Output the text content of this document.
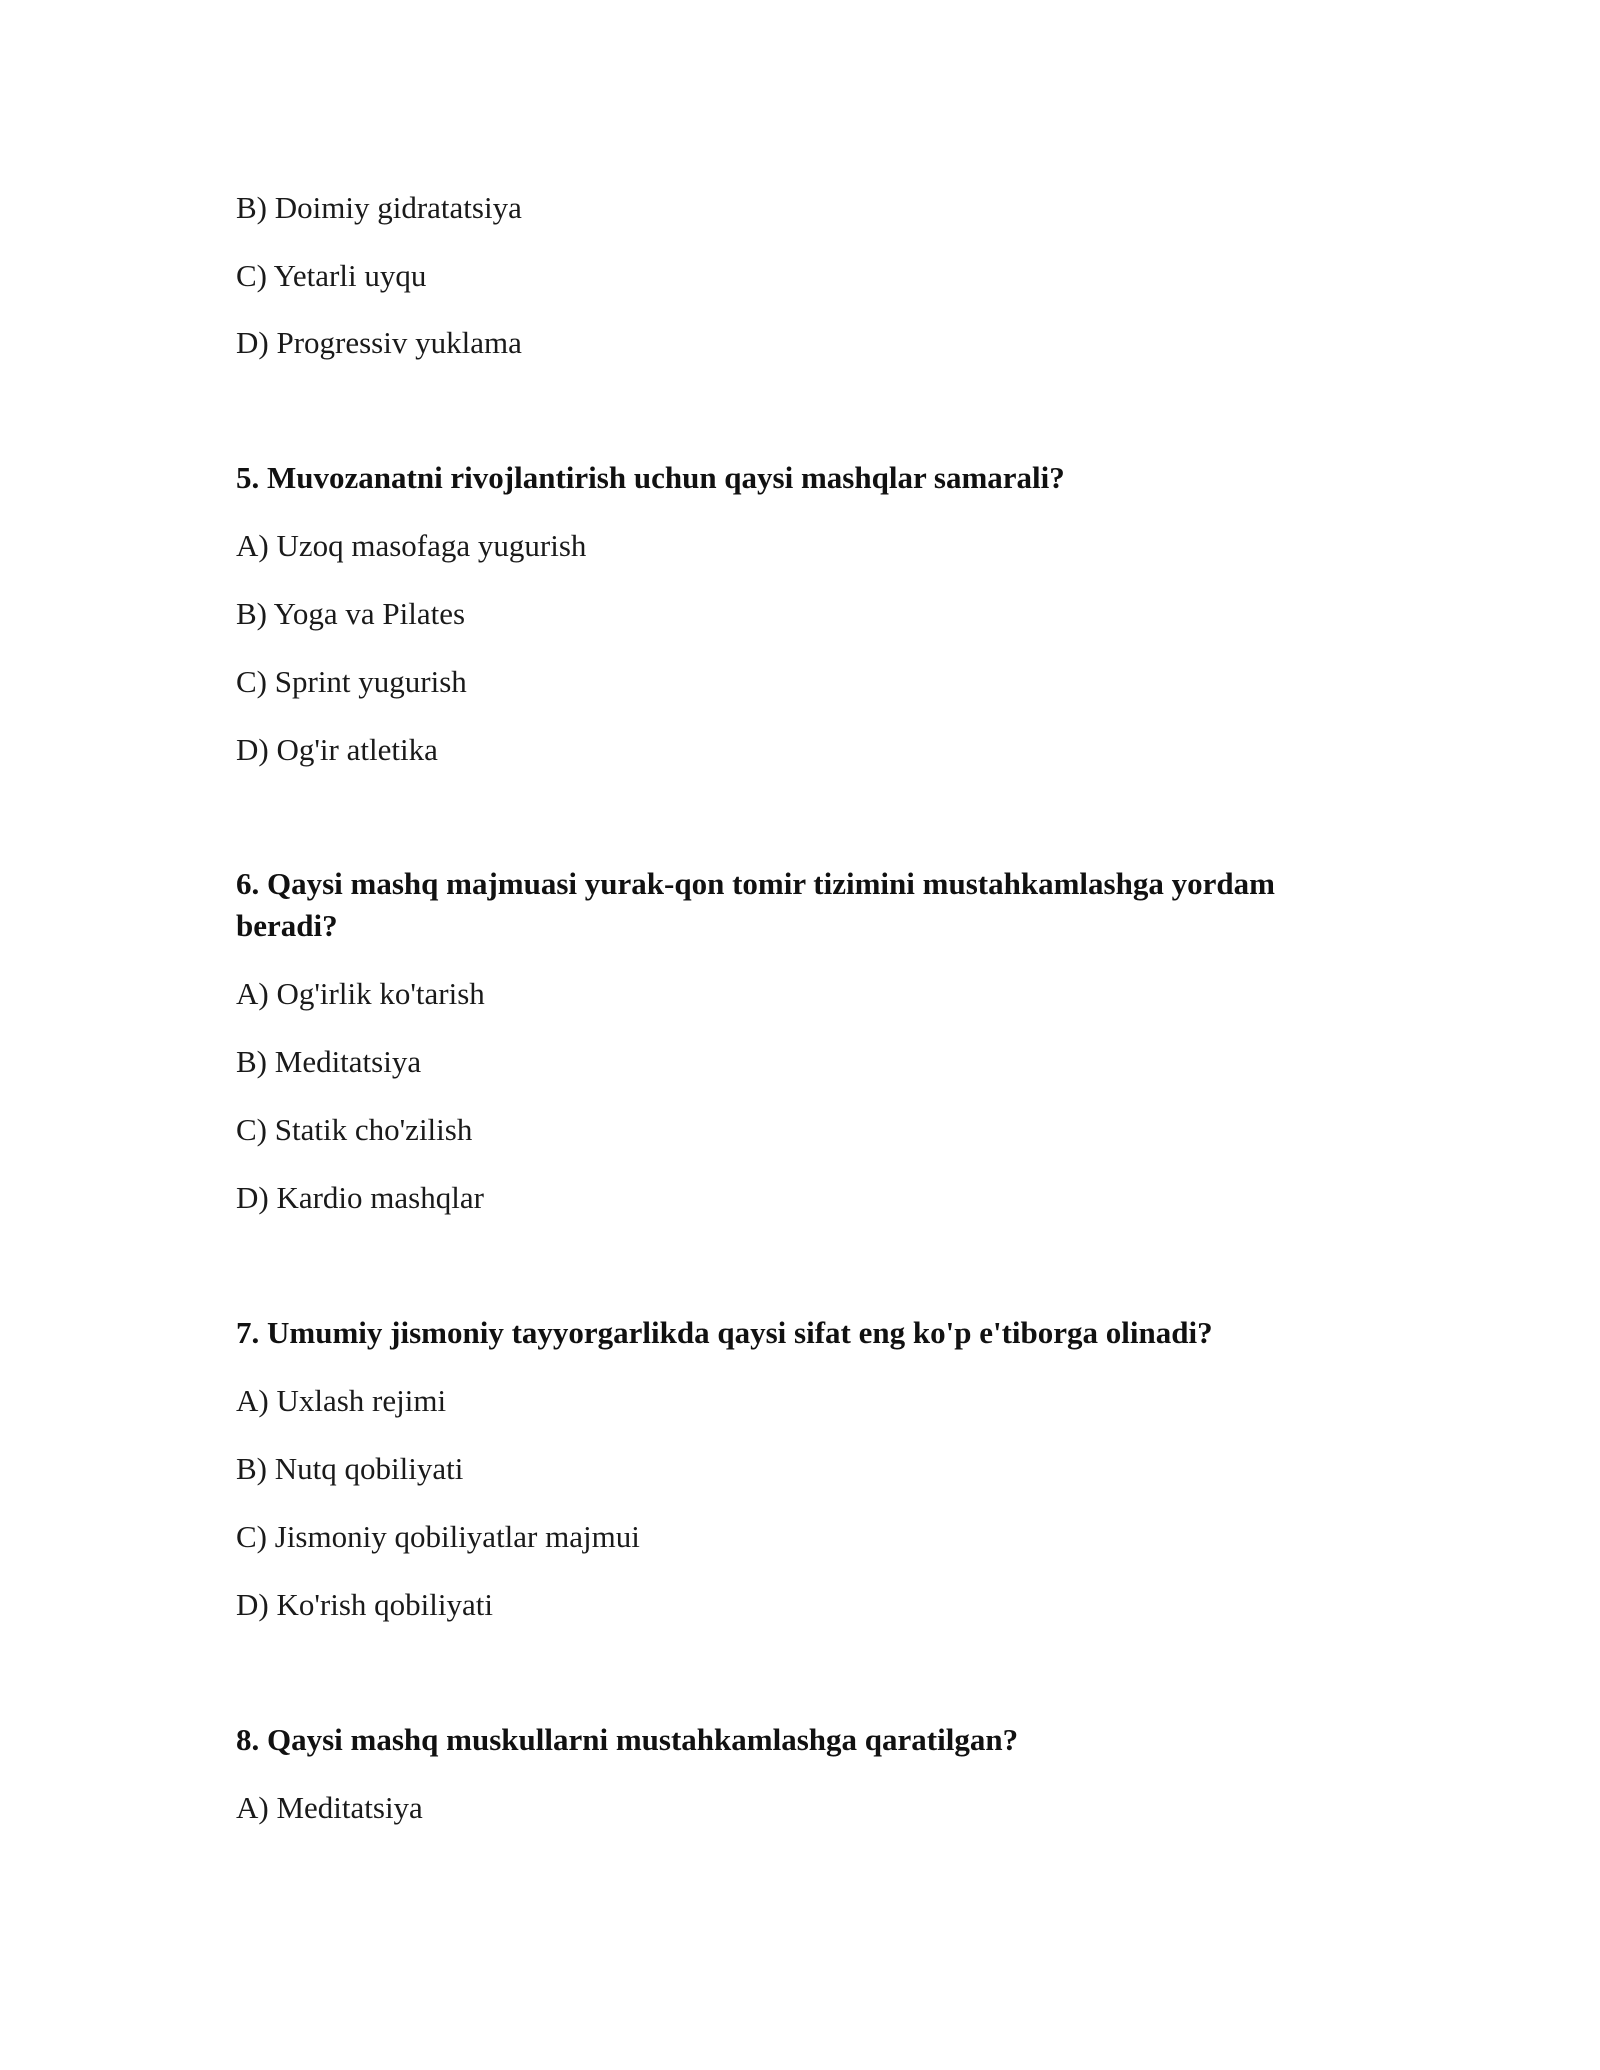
B) Doimiy gidratatsiya
C) Yetarli uyqu
D) Progressiv yuklama
5. Muvozanatni rivojlantirish uchun qaysi mashqlar samarali?
A) Uzoq masofaga yugurish
B) Yoga va Pilates
C) Sprint yugurish
D) Og'ir atletika
6. Qaysi mashq majmuasi yurak-qon tomir tizimini mustahkamlashga yordam
beradi?
A) Og'irlik ko'tarish
B) Meditatsiya
C) Statik cho'zilish
D) Kardio mashqlar
7. Umumiy jismoniy tayyorgarlikda qaysi sifat eng ko'p e'tiborga olinadi?
A) Uxlash rejimi
B) Nutq qobiliyati
C) Jismoniy qobiliyatlar majmui
D) Ko'rish qobiliyati
8. Qaysi mashq muskullarni mustahkamlashga qaratilgan?
A) Meditatsiya
